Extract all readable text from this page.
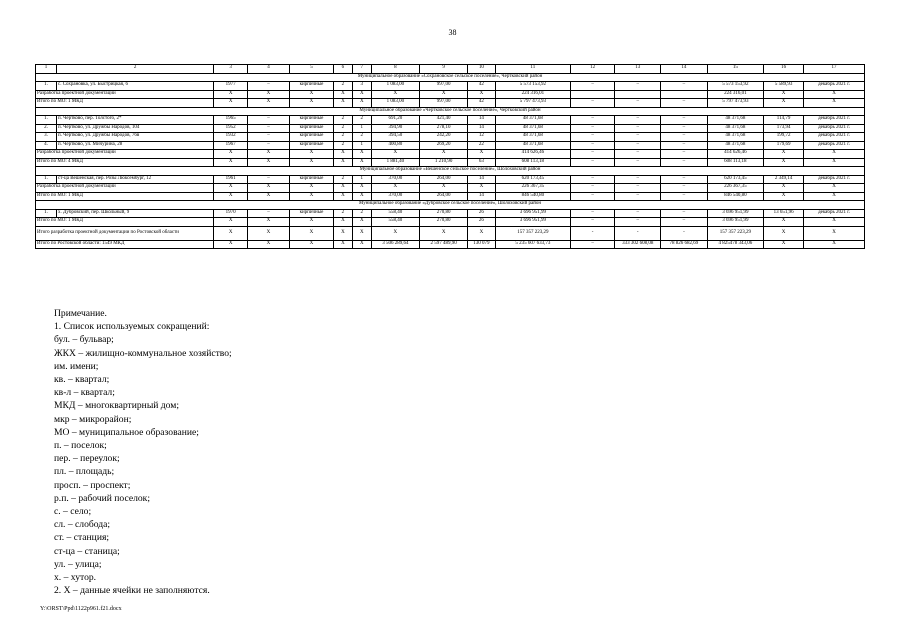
38
1	2	3	4	5	6	7	8	9	10	11	12	13	14	15	16	17
Муниципальное образование «Сохрановское сельское поселение», Чертковский район																
1.	с. Сохрановка, ул. Быстрицкая, 6	1977	–	кирпичные	2	3	1 083,00	997,00	42	5 573 153,92	–	–	–	5 573 153,92	5 589,93	декабрь 2021 г.
Разработка проектной документации		X	X	X	X	X	X	X	X	224 316,01				224 316,01	X	X
Итого по МО: 1 МКД		X	X	X	X	X	1 083,00	997,00	42	5 797 473,93	–	–	–	5 797 473,93	X	X
Муниципальное образование «Чертковское сельское поселение», Чертковский район																
1.	п. Чертково, пер. Толстого, 2*	1965	–	кирпичные	2	2	691,20	421,40	14	48 371,68	–	–	–	48 371,68	114,79	декабрь 2021 г.
2.	п. Чертково, ул. Дружбы Народов, 104	1952	–	кирпичные	2	1	394,90	278,10	14	48 371,68	–	–	–	48 371,68	173,94	декабрь 2021 г.
3.	п. Чертково, ул. Дружбы Народов, 76в	1932	–	кирпичные	2	2	394,50	242,20	12	48 371,68	–	–	–	48 371,68	199,72	декабрь 2021 г.
4.	п. Чертково, ул. Мичурина, 28	1967	–	кирпичные	2	1	400,80	269,20	22	48 371,68	–	–	–	48 371,68	179,69	декабрь 2021 г.
Разработка проектной документации		X	X	X	X	X	X	X	X	414 626,46	–	–	–	414 626,46	X	X
Итого по МО: 4 МКД		X	X	X	X	X	1 881,40	1 210,90	63	608 113,18	–	–	–	608 113,18	X	X
Муниципальное образование «Вешенское сельское поселение», Шолоховский район																
1.	ст-ца Вешенская, пер. Розы Люксембург, 12	1961	–	кирпичные	2	1	370,00	264,00	14	620 173,45	–	–	–	620 173,45	2 349,14	декабрь 2021 г.
Разработка проектной документации		X	X	X	X	X	X	X	X	226 367,35	–	–	–	226 367,35	X	X
Итого по МО: 1 МКД		X	X	X	X	X	370,00	264,00	14	846 540,80	–	–	–	846 540,80	X	X
Муниципальное образование «Дубровское сельское поселение», Шолоховский район																
1.	х. Дубровский, пер. Школьный, 9	1970	–	кирпичные	2	2	558,40	270,80	26	3 696 951,99	–	–	–	3 696 951,99	13 651,96	декабрь 2021 г.
Итого по МО: 1 МКД		X	X	X	X	X	558,40	270,80	26	3 696 951,99	–	–	–	3 696 951,99	X	X
Итого разработка проектной документации по Ростовской области		X	X	X	X	X	X	X	X	157 357 223,29	-	-	-	157 357 223,29	X	X
Итого по Ростовской области: 1549 МКД		X	X	X	X	X	3 506 289,64	2 597 489,90	130 079	5 235 607 633,73	–	333 302 608,08	78 826 682,69	4 825478 343,06	X	X
Примечание.
1. Список используемых сокращений:
бул. – бульвар;
ЖКХ – жилищно-коммунальное хозяйство;
им. имени;
кв. – квартал;
кв-л – квартал;
МКД – многоквартирный дом;
мкр – микрорайон;
МО – муниципальное образование;
п. – поселок;
пер. – переулок;
пл. – площадь;
просп. – проспект;
р.п. – рабочий поселок;
с. – село;
сл. – слобода;
ст. – станция;
ст-ца – станица;
ул. – улица;
х. – хутор.
2. X – данные ячейки не заполняются.
Y:\ORST\Ppd\1122p961.f21.docx
